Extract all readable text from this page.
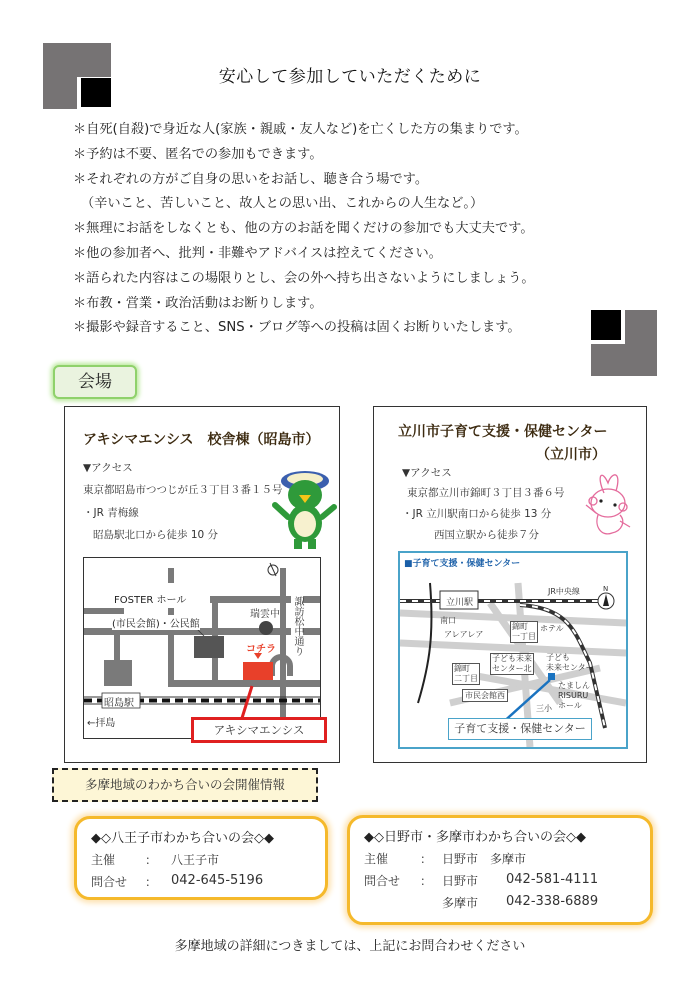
安心して参加していただくために
＊自死(自殺)で身近な人(家族・親戚・友人など)を亡くした方の集まりです。
＊予約は不要、匿名での参加もできます。
＊それぞれの方がご自身の思いをお話し、聴き合う場です。
（辛いこと、苦しいこと、故人との思い出、これからの人生など。）
＊無理にお話をしなくとも、他の方のお話を聞くだけの参加でも大丈夫です。
＊他の参加者へ、批判・非難やアドバイスは控えてください。
＊語られた内容はこの場限りとし、会の外へ持ち出さないようにしましょう。
＊布教・営業・政治活動はお断りします。
＊撮影や録音すること、SNS・ブログ等への投稿は固くお断りいたします。
会場
アキシマエンシス　校舎棟（昭島市）
▼アクセス
東京都昭島市つつじが丘３丁目３番１５号
・JR 青梅線
昭島駅北口から徒歩 10 分
FOSTER ホール
(市民会館)・公民館
瑞雲中 諏訪松中通り
コチラ
昭島駅
←拝島	アキシマエンシス
立川市子育て支援・保健センター
（立川市）
▼アクセス
東京都立川市錦町３丁目３番６号
・JR 立川駅南口から徒歩 13 分
西国立駅から徒歩７分
■子育て支援・保健センター
立川駅
JR中央線	N
南口
アレアレア
錦町
一丁目
ホテル
錦町
二丁目
子ども未来
センター北
子ども
未来センター
市民会館西
たましん
RISURU
ホール
三小
子育て支援・保健センター
多摩地域のわかち合いの会開催情報
◆◇八王子市わかち合いの会◇◆
主催 ： 八王子市
問合せ ： 042-645-5196
◆◇日野市・多摩市わかち合いの会◇◆
主催	： 日野市　多摩市
問合せ ： 日野市 042-581-4111
多摩市 042-338-6889
多摩地域の詳細につきましては、上記にお問合わせください
